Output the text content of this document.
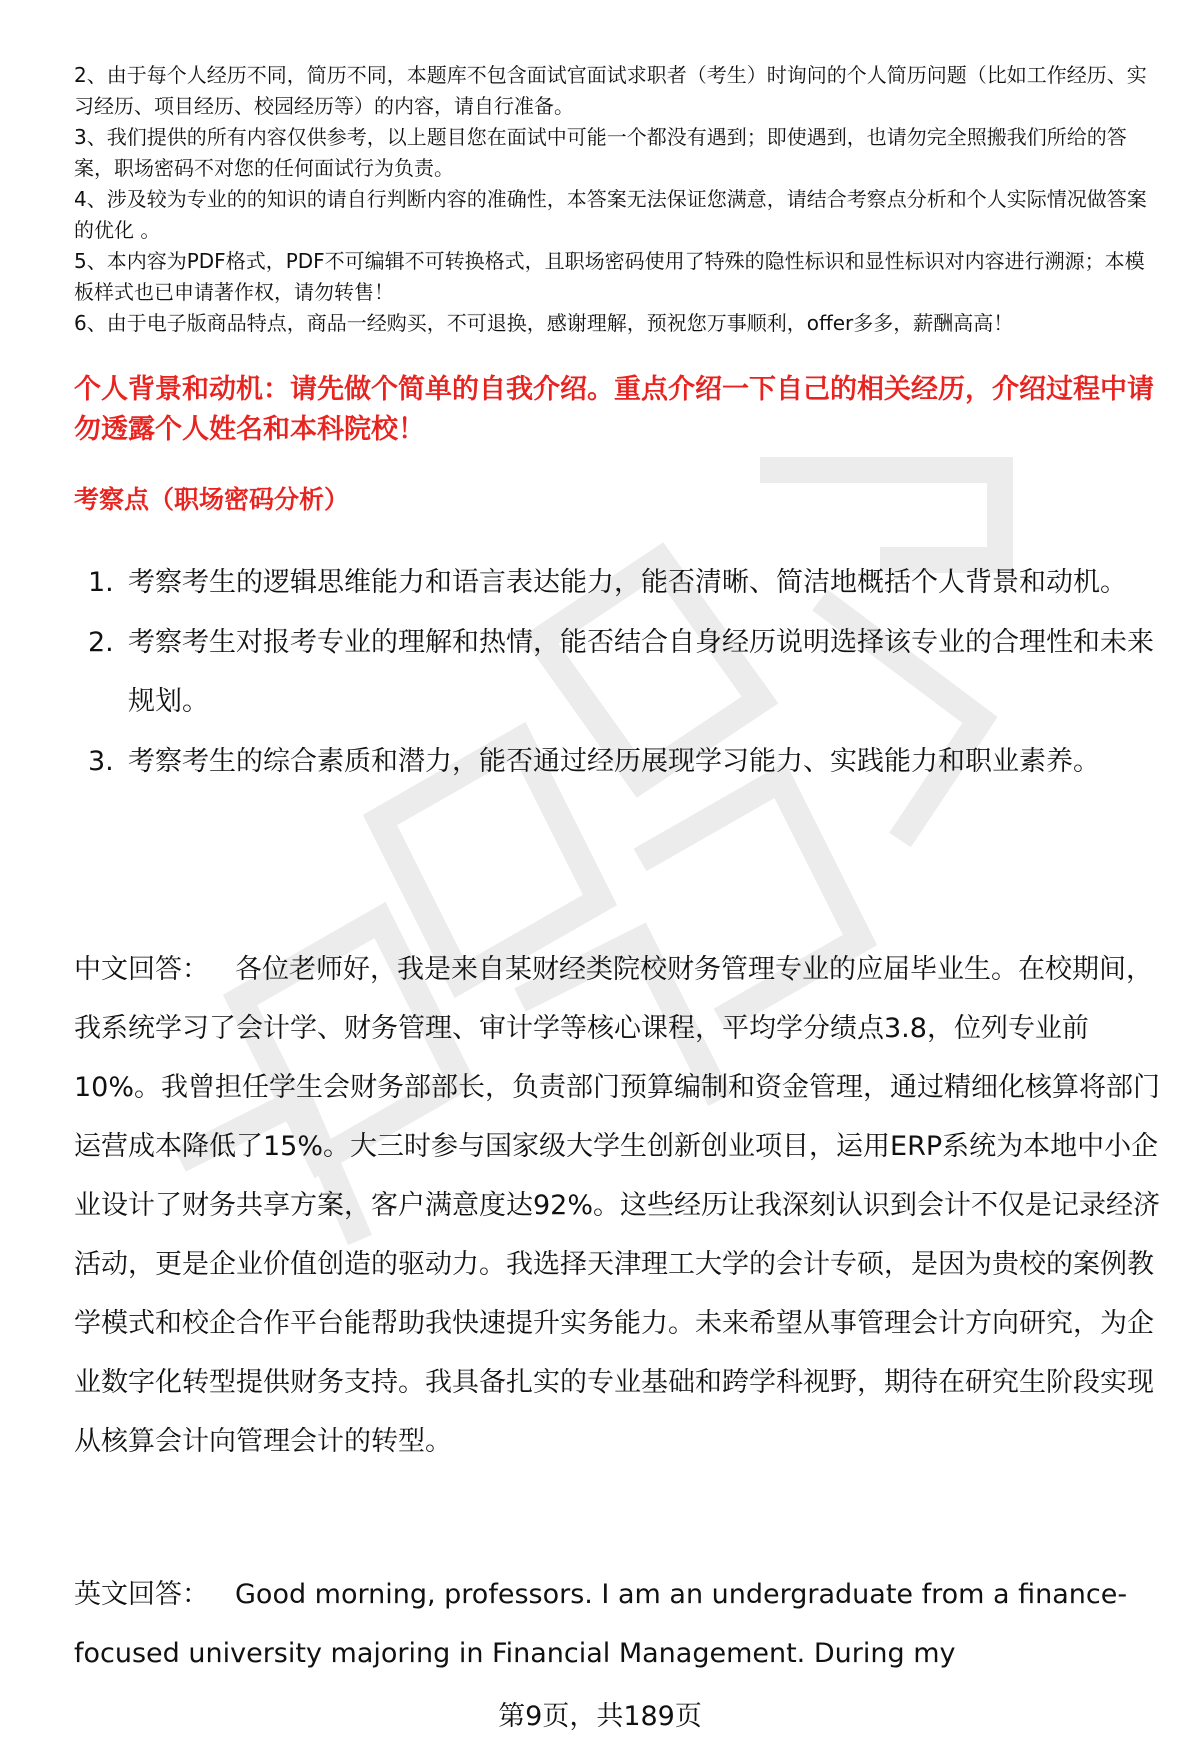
2、由于每个人经历不同，简历不同，本题库不包含面试官面试求职者（考生）时询问的个人简历问题（比如工作经历、实习经历、项目经历、校园经历等）的内容，请自行准备。

3、我们提供的所有内容仅供参考，以上题目您在面试中可能一个都没有遇到；即使遇到，也请勿完全照搬我们所给的答案，职场密码不对您的任何面试行为负责。

4、涉及较为专业的的知识的请自行判断内容的准确性，本答案无法保证您满意，请结合考察点分析和个人实际情况做答案的优化 。

5、本内容为PDF格式，PDF不可编辑不可转换格式，且职场密码使用了特殊的隐性标识和显性标识对内容进行溯源；本模板样式也已申请著作权，请勿转售！

6、由于电子版商品特点，商品一经购买，不可退换，感谢理解，预祝您万事顺利，offer多多，薪酬高高！

个人背景和动机：请先做个简单的自我介绍。重点介绍一下自己的相关经历，介绍过程中请勿透露个人姓名和本科院校！
考察点（职场密码分析）
1. 考察考生的逻辑思维能力和语言表达能力，能否清晰、简洁地概括个人背景和动机。
2. 考察考生对报考专业的理解和热情，能否结合自身经历说明选择该专业的合理性和未来规划。
3. 考察考生的综合素质和潜力，能否通过经历展现学习能力、实践能力和职业素养。

中文回答： 各位老师好，我是来自某财经类院校财务管理专业的应届毕业生。在校期间，我系统学习了会计学、财务管理、审计学等核心课程，平均学分绩点3.8，位列专业前10%。我曾担任学生会财务部部长，负责部门预算编制和资金管理，通过精细化核算将部门运营成本降低了15%。大三时参与国家级大学生创新创业项目，运用ERP系统为本地中小企业设计了财务共享方案，客户满意度达92%。这些经历让我深刻认识到会计不仅是记录经济活动，更是企业价值创造的驱动力。我选择天津理工大学的会计专硕，是因为贵校的案例教学模式和校企合作平台能帮助我快速提升实务能力。未来希望从事管理会计方向研究，为企业数字化转型提供财务支持。我具备扎实的专业基础和跨学科视野，期待在研究生阶段实现从核算会计向管理会计的转型。

英文回答： Good morning, professors. I am an undergraduate from a finance-focused university majoring in Financial Management. During my

第9页，共189页
